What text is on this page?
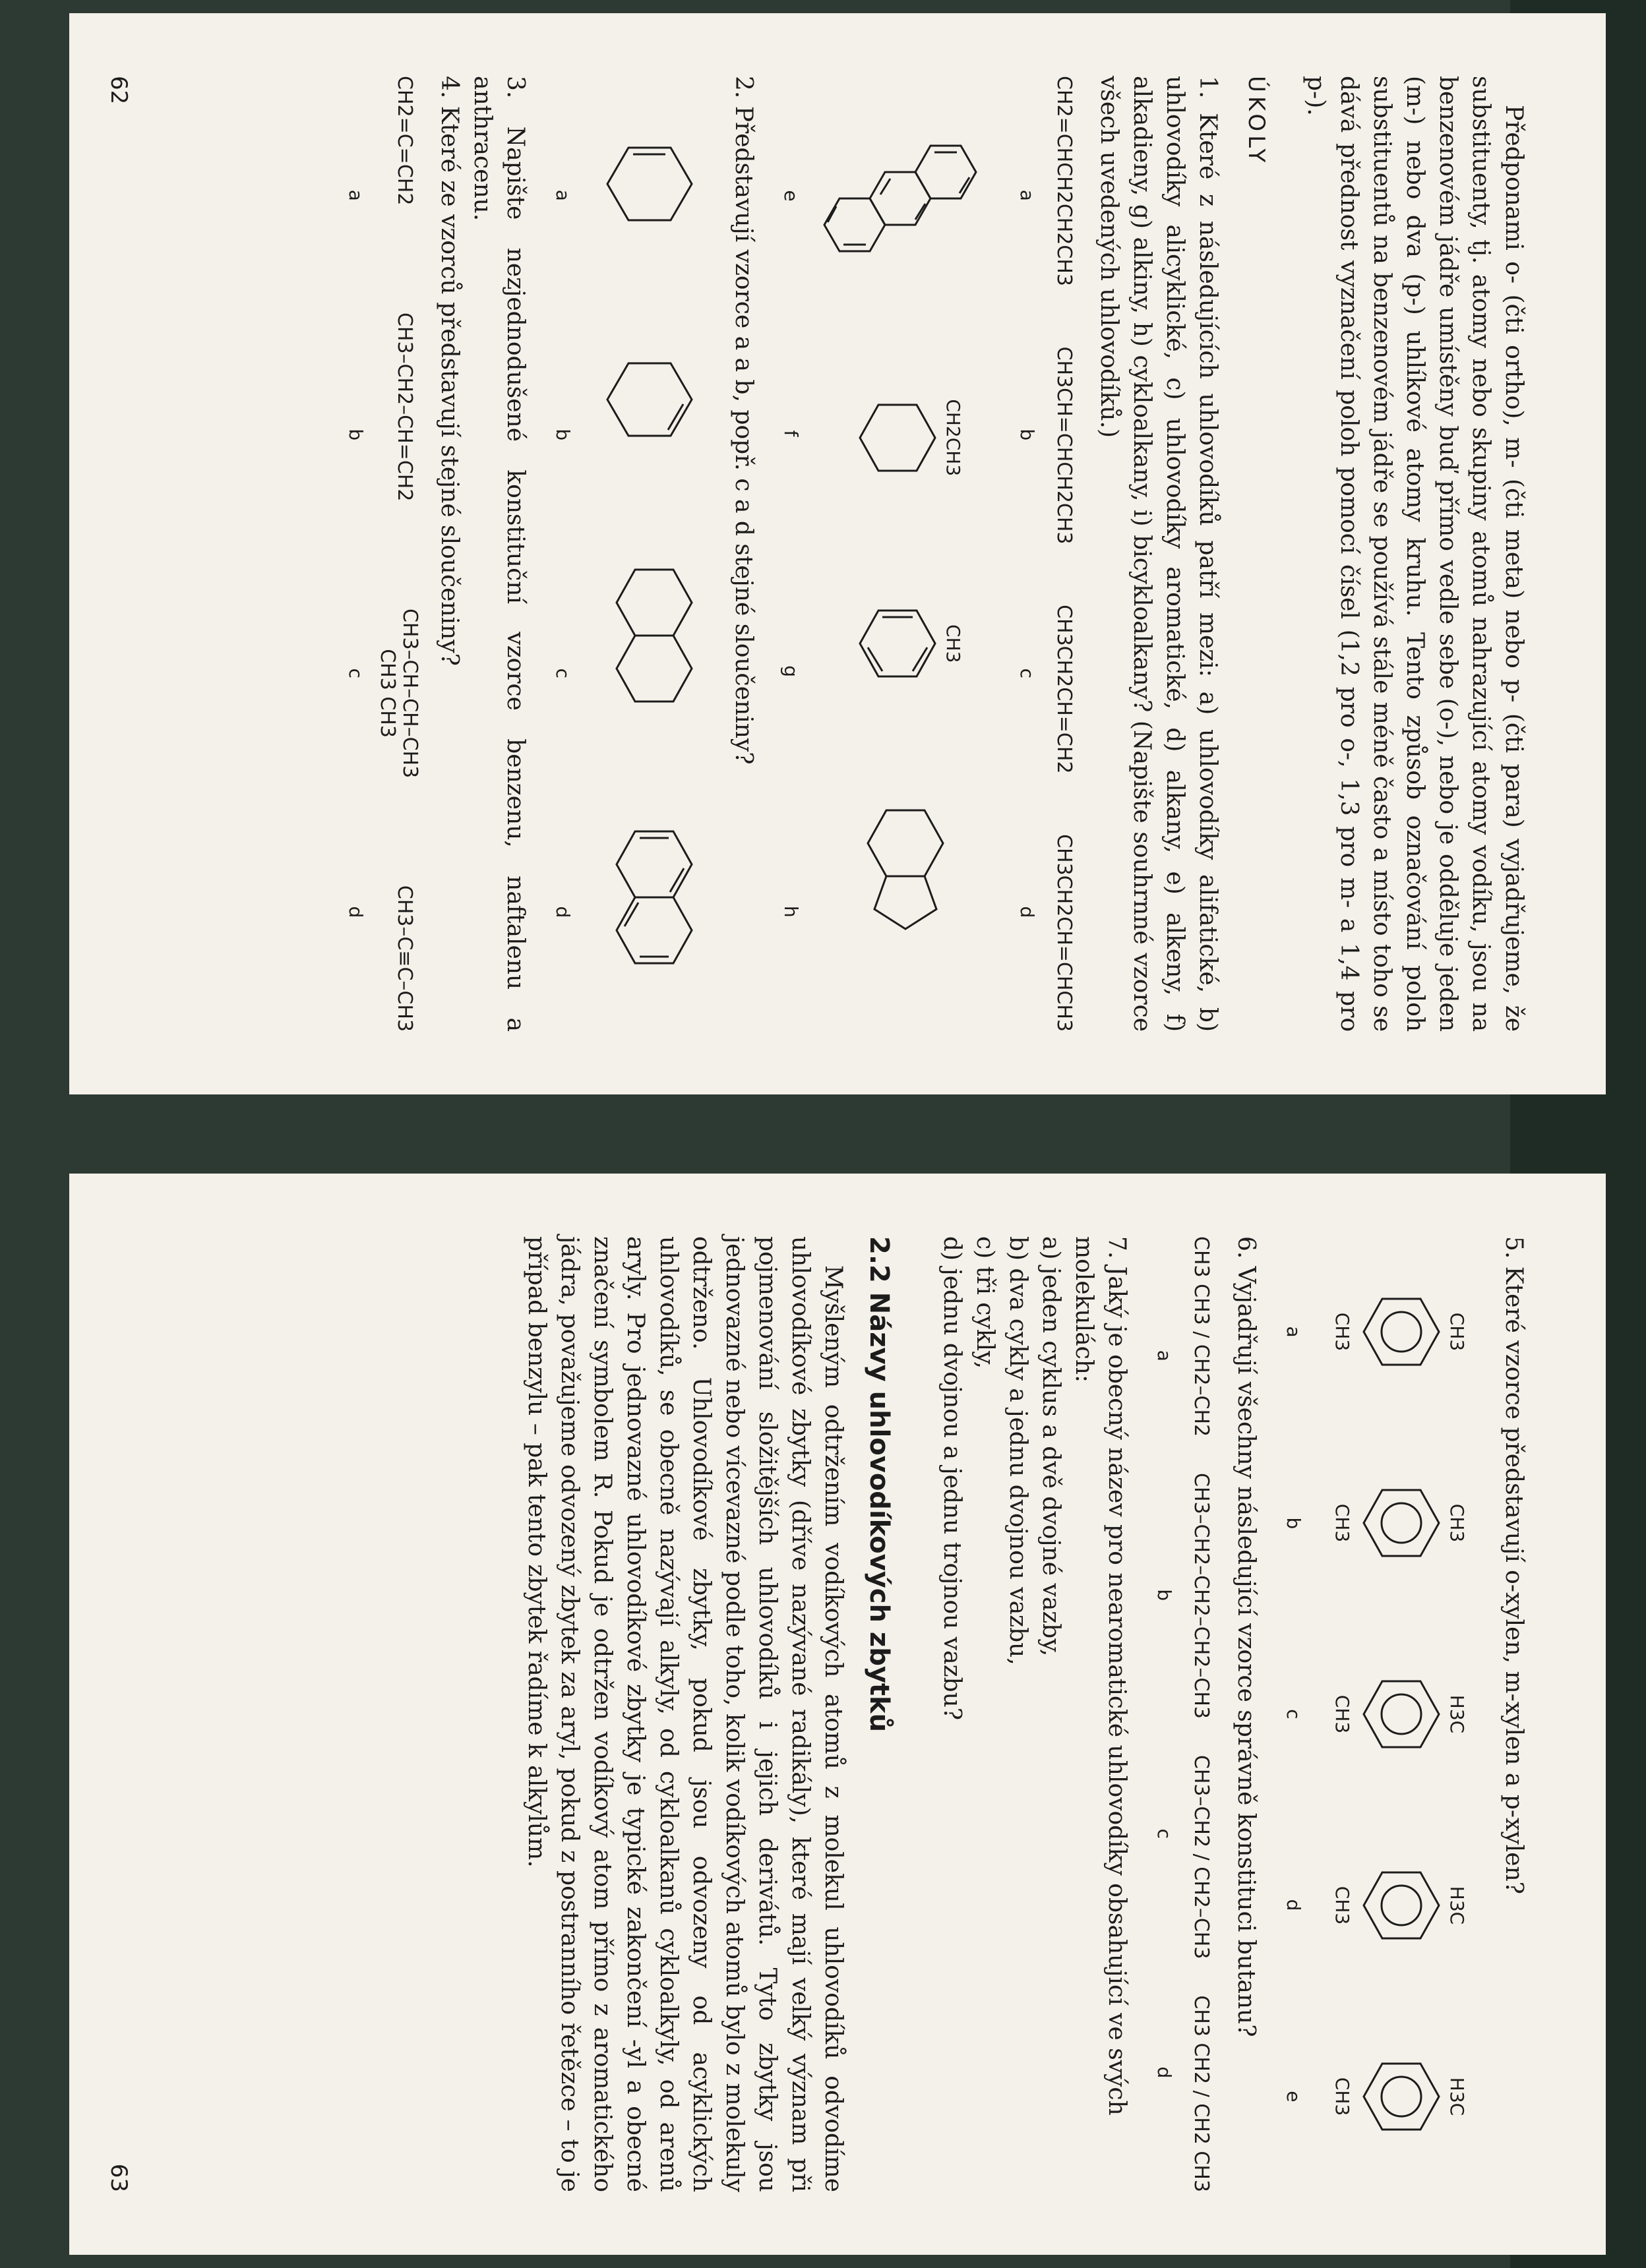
Předponami o- (čti ortho), m- (čti meta) nebo p- (čti para) vyjadřujeme, že substituenty, tj. atomy nebo skupiny atomů nahrazující atomy vodíku, jsou na benzenovém jádře umístěny buď přímo vedle sebe (o-), nebo je odděluje jeden (m-) nebo dva (p-) uhlíkové atomy kruhu. Tento způsob označování poloh substituentů na benzenovém jádře se používá stále méně často a místo toho se dává přednost vyznačení poloh pomocí čísel (1,2 pro o-, 1,3 pro m- a 1,4 pro p-).

ÚKOLY

1. Které z následujících uhlovodíků patří mezi: a) uhlovodíky alifatické, b) uhlovodíky alicyklické, c) uhlovodíky aromatické, d) alkany, e) alkeny, f) alkadieny, g) alkiny, h) cykloalkany, i) bicykloalkany? (Napište souhrnné vzorce všech uvedených uhlovodíků.)

CH2=CHCH2CH2CH3
CH3CH=CHCH2CH3
CH3CH2CH=CH2
CH3CH2CH=CHCH3
a
b
c
d
CH2CH3
CH3
e
f
g
h

2. Představují vzorce a a b, popř. c a d stejné sloučeniny?

a
b
c
d

3. Napište nezjednodušené konstituční vzorce benzenu, naftalenu a anthracenu.

4. Které ze vzorců představují stejné sloučeniny?

CH2=C=CH2
CH3–CH2–CH=CH2
CH3–CH–CH–CH3
CH3 CH3
CH3–C≡C–CH3
a
b
c
d
62

5. Které vzorce představují o-xylen, m-xylen a p-xylen?

CH3
CH3
CH3
CH3
H3C
CH3
H3C
CH3
H3C
CH3
a
b
c
d
e

6. Vyjadřují všechny následující vzorce správně konstituci butanu?

CH3 CH3 / CH2–CH2
CH3–CH2–CH2–CH2–CH3
CH3–CH2 / CH2–CH3
CH3 CH2 / CH2 CH3
a
b
c
d

7. Jaký je obecný název pro nearomatické uhlovodíky obsahující ve svých molekulách:

a) jeden cyklus a dvě dvojné vazby,

b) dva cykly a jednu dvojnou vazbu,

c) tři cykly,

d) jednu dvojnou a jednu trojnou vazbu?

2.2 Názvy uhlovodíkových zbytků

Myšleným odtržením vodíkových atomů z molekul uhlovodíků odvodíme uhlovodíkové zbytky (dříve nazývané radikály), které mají velký význam při pojmenování složitějších uhlovodíků i jejich derivátů. Tyto zbytky jsou jednovazné nebo vícevazné podle toho, kolik vodíkových atomů bylo z molekuly odtrženo. Uhlovodíkové zbytky, pokud jsou odvozeny od acyklických uhlovodíků, se obecně nazývají alkyly, od cykloalkanů cykloalkyly, od arenů aryly. Pro jednovazné uhlovodíkové zbytky je typické zakončení -yl a obecné značení symbolem R. Pokud je odtržen vodíkový atom přímo z aromatického jádra, považujeme odvozený zbytek za aryl, pokud z postranního řetězce – to je případ benzylu – pak tento zbytek řadíme k alkylům.

63
